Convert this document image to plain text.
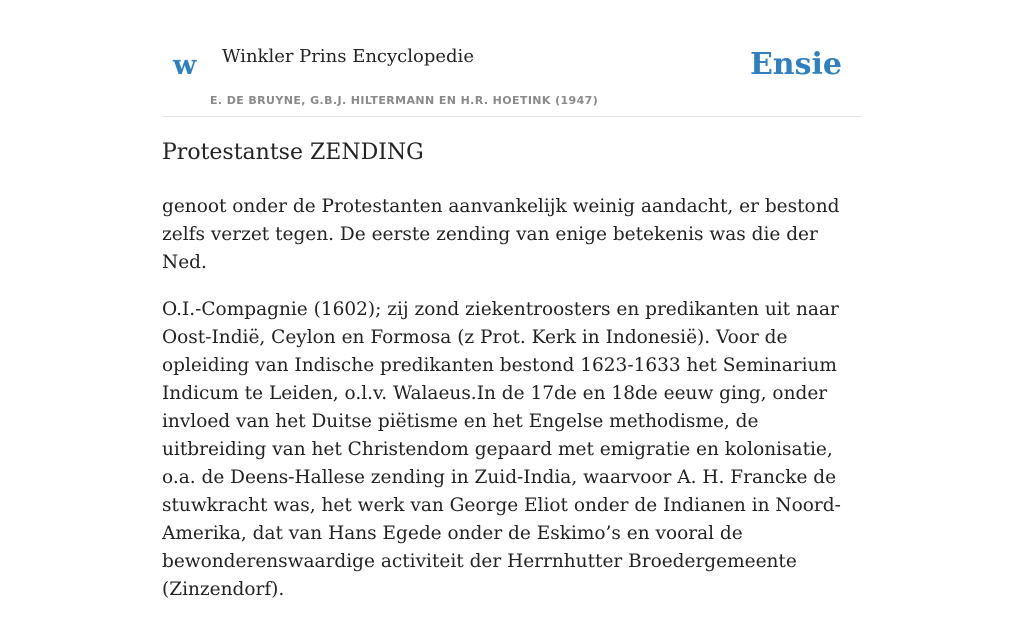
w Winkler Prins Encyclopedie
E. DE BRUYNE, G.B.J. HILTERMANN EN H.R. HOETINK (1947)
Ensie
Protestantse ZENDING

genoot onder de Protestanten aanvankelijk weinig aandacht, er bestond zelfs verzet tegen. De eerste zending van enige betekenis was die der Ned.

O.I.-Compagnie (1602); zij zond ziekentroosters en predikanten uit naar Oost-Indië, Ceylon en Formosa (z Prot. Kerk in Indonesië). Voor de opleiding van Indische predikanten bestond 1623-1633 het Seminarium Indicum te Leiden, o.l.v. Walaeus.In de 17de en 18de eeuw ging, onder invloed van het Duitse piëtisme en het Engelse methodisme, de uitbreiding van het Christendom gepaard met emigratie en kolonisatie, o.a. de Deens-Hallese zending in Zuid-India, waarvoor A. H. Francke de stuwkracht was, het werk van George Eliot onder de Indianen in Noord-Amerika, dat van Hans Egede onder de Eskimo’s en vooral de bewonderenswaardige activiteit der Herrnhutter Broedergemeente (Zinzendorf).
